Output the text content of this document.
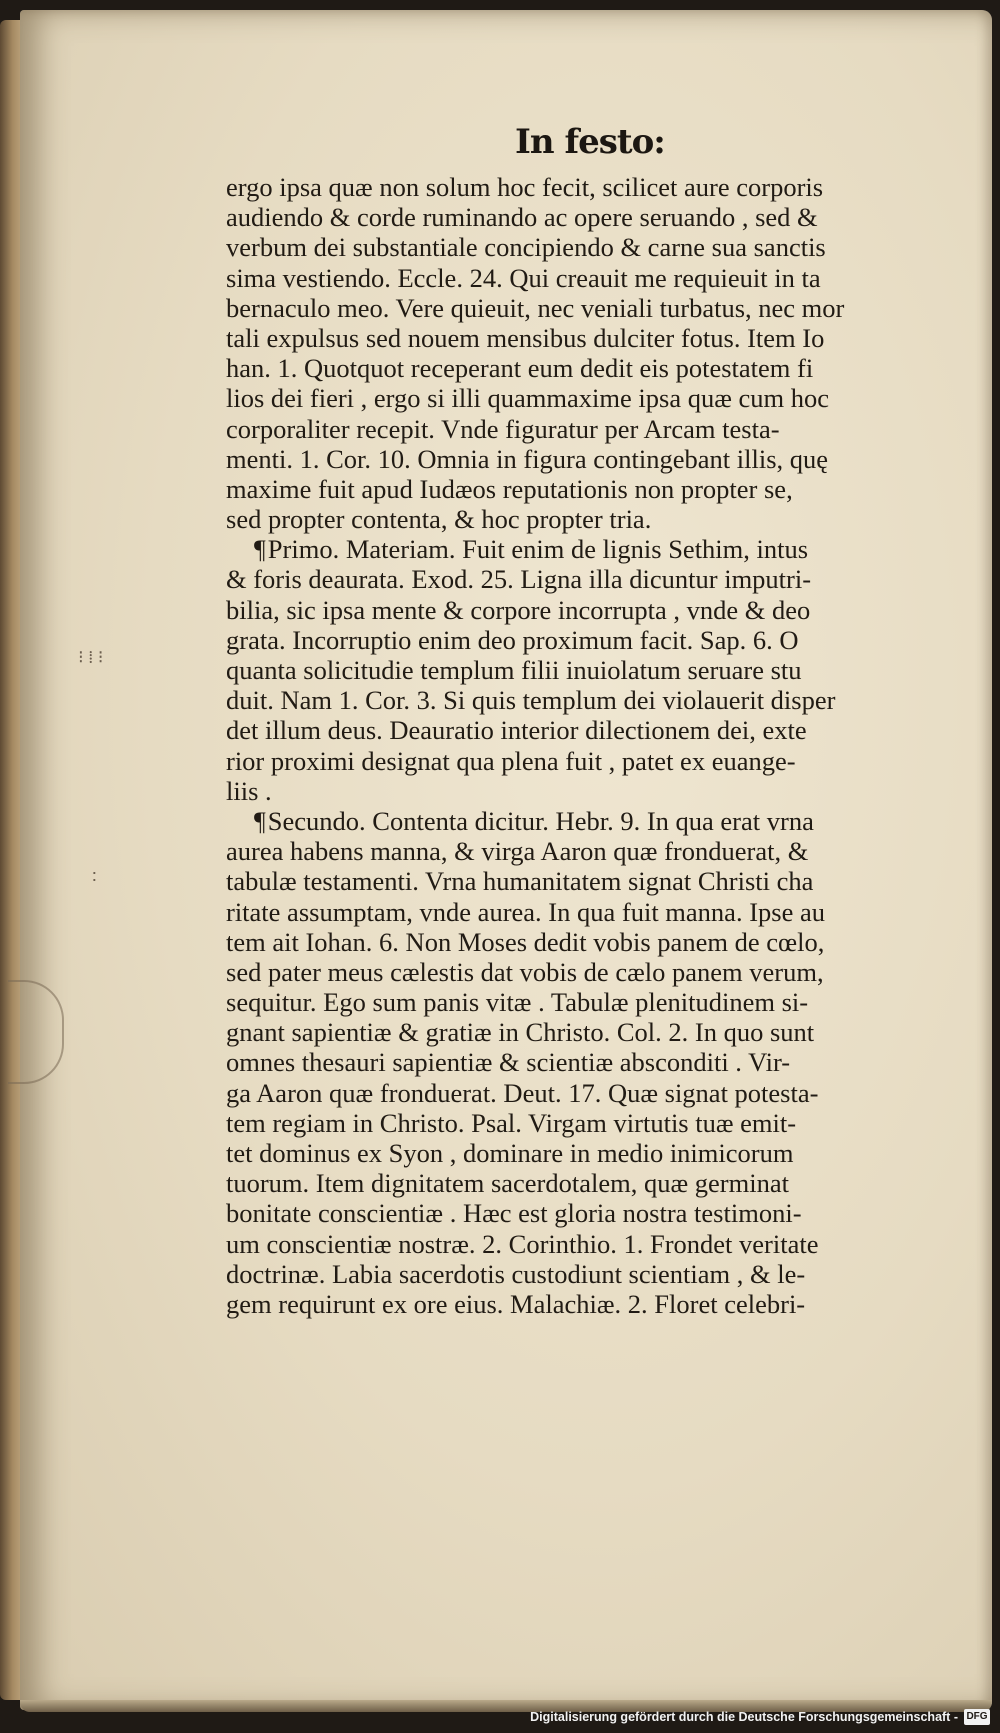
In festo:
⁝ ⁞ ⁝
∶
ergo ipsa quæ non solum hoc fecit, scilicet aure corporis
audiendo & corde ruminando ac opere seruando , sed &
verbum dei substantiale concipiendo & carne sua sanctis
sima vestiendo. Eccle. 24. Qui creauit me requieuit in ta
bernaculo meo. Vere quieuit, nec veniali turbatus, nec mor
tali expulsus sed nouem mensibus dulciter fotus. Item Io
han. 1. Quotquot receperant eum dedit eis potestatem fi
lios dei fieri , ergo si illi quammaxime ipsa quæ cum hoc
corporaliter recepit. Vnde figuratur per Arcam testa-
menti. 1. Cor. 10. Omnia in figura contingebant illis, quę
maxime fuit apud Iudæos reputationis non propter se,
sed propter contenta, & hoc propter tria.
¶Primo. Materiam. Fuit enim de lignis Sethim, intus
& foris deaurata. Exod. 25. Ligna illa dicuntur imputri-
bilia, sic ipsa mente & corpore incorrupta , vnde & deo
grata. Incorruptio enim deo proximum facit. Sap. 6. O
quanta solicitudie templum filii inuiolatum seruare stu
duit. Nam 1. Cor. 3. Si quis templum dei violauerit disper
det illum deus. Deauratio interior dilectionem dei, exte
rior proximi designat qua plena fuit , patet ex euange-
liis .
¶Secundo. Contenta dicitur. Hebr. 9. In qua erat vrna
aurea habens manna, & virga Aaron quæ fronduerat, &
tabulæ testamenti. Vrna humanitatem signat Christi cha
ritate assumptam, vnde aurea. In qua fuit manna. Ipse au
tem ait Iohan. 6. Non Moses dedit vobis panem de cœlo,
sed pater meus cælestis dat vobis de cælo panem verum,
sequitur. Ego sum panis vitæ . Tabulæ plenitudinem si-
gnant sapientiæ & gratiæ in Christo. Col. 2. In quo sunt
omnes thesauri sapientiæ & scientiæ absconditi . Vir-
ga Aaron quæ fronduerat. Deut. 17. Quæ signat potesta-
tem regiam in Christo. Psal. Virgam virtutis tuæ emit-
tet dominus ex Syon , dominare in medio inimicorum
tuorum. Item dignitatem sacerdotalem, quæ germinat
bonitate conscientiæ . Hæc est gloria nostra testimoni-
um conscientiæ nostræ. 2. Corinthio. 1. Frondet veritate
doctrinæ. Labia sacerdotis custodiunt scientiam , & le-
gem requirunt ex ore eius. Malachiæ. 2. Floret celebri-
Digitalisierung gefördert durch die Deutsche Forschungsgemeinschaft - DFG
